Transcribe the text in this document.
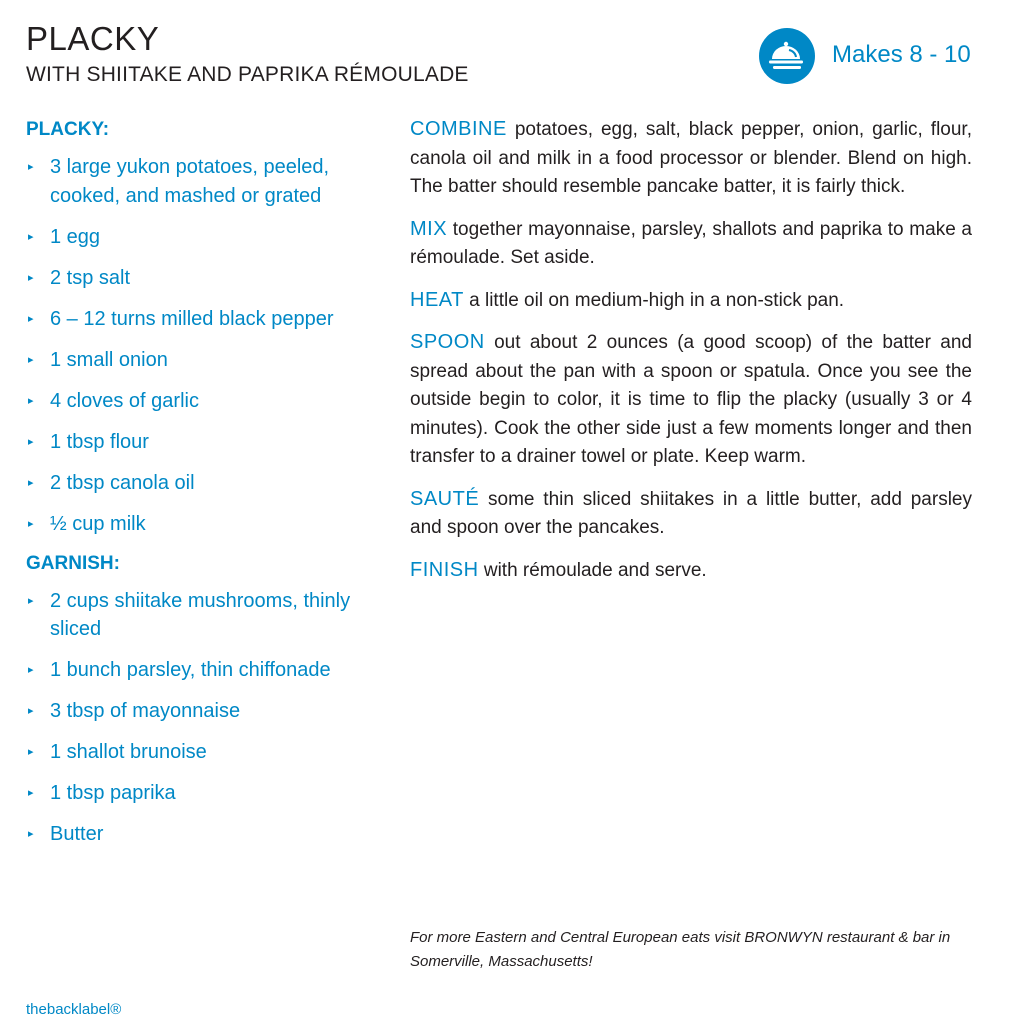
PLACKY
WITH SHIITAKE AND PAPRIKA RÉMOULADE
Makes 8 - 10
PLACKY:
▸ 3 large yukon potatoes, peeled, cooked, and mashed or grated
▸ 1 egg
▸ 2 tsp salt
▸ 6 – 12 turns milled black pepper
▸ 1 small onion
▸ 4 cloves of garlic
▸ 1 tbsp flour
▸ 2 tbsp canola oil
▸ ½ cup milk
GARNISH:
▸ 2 cups shiitake mushrooms, thinly sliced
▸ 1 bunch parsley, thin chiffonade
▸ 3 tbsp of mayonnaise
▸ 1 shallot brunoise
▸ 1 tbsp paprika
▸ Butter

COMBINE potatoes, egg, salt, black pepper, onion, garlic, flour, canola oil and milk in a food processor or blender. Blend on high. The batter should resemble pancake batter, it is fairly thick.

MIX together mayonnaise, parsley, shallots and paprika to make a rémoulade. Set aside.

HEAT a little oil on medium-high in a non-stick pan.

SPOON out about 2 ounces (a good scoop) of the batter and spread about the pan with a spoon or spatula. Once you see the outside begin to color, it is time to flip the placky (usually 3 or 4 minutes). Cook the other side just a few moments longer and then transfer to a drainer towel or plate. Keep warm.

SAUTÉ some thin sliced shiitakes in a little butter, add parsley and spoon over the pancakes.

FINISH with rémoulade and serve.

For more Eastern and Central European eats visit BRONWYN restaurant & bar in Somerville, Massachusetts!
thebacklabel®
